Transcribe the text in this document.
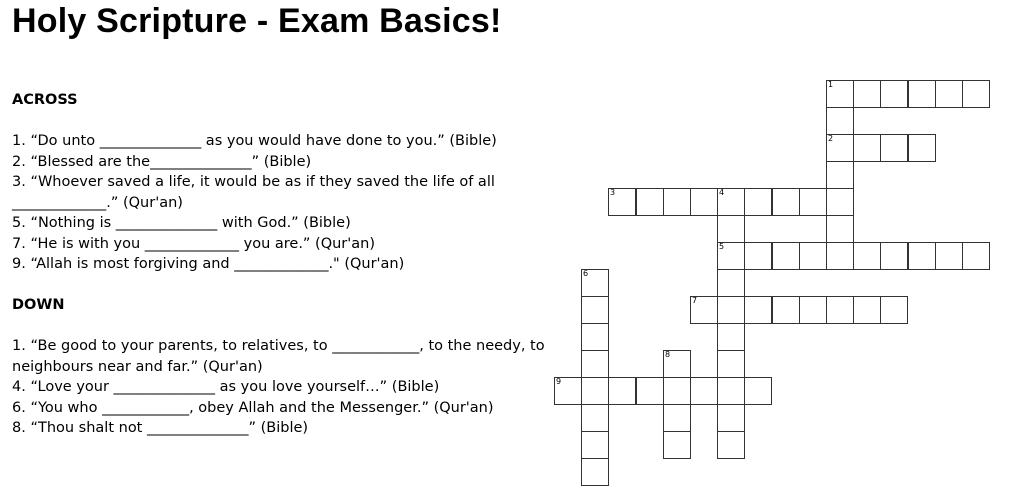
Holy Scripture - Exam Basics!

ACROSS

1. “Do unto ______________ as you would have done to you.” (Bible)

2. “Blessed are the______________” (Bible)

3. “Whoever saved a life, it would be as if they saved the life of all _____________.” (Qur'an)

5. “Nothing is ______________ with God.” (Bible)

7. “He is with you _____________ you are.” (Qur'an)

9. “Allah is most forgiving and _____________." (Qur'an)

DOWN

1. “Be good to your parents, to relatives, to ____________, to the needy, to neighbours near and far.” (Qur'an)

4. “Love your ______________ as you love yourself…” (Bible)

6. “You who ____________, obey Allah and the Messenger.” (Qur'an)

8. “Thou shalt not ______________” (Bible)

1
2
3	4
5
6
7
8
9
